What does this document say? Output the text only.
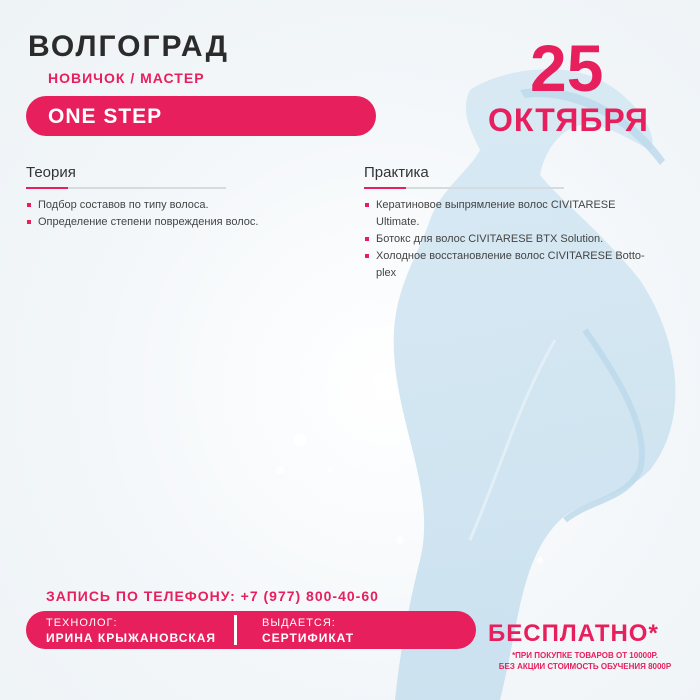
ВОЛГОГРАД
НОВИЧОК / МАСТЕР	25
ОКТЯБРЯ
ONE STEP
Теория
Подбор составов по типу волоса.
Определение степени повреждения волос.
Практика
Кератиновое выпрямление волос CIVITARESE Ultimate.
Ботокс для волос CIVITARESE BTX Solution.
Холодное восстановление волос CIVITARESE Botto-plex
ЗАПИСЬ ПО ТЕЛЕФОНУ: +7 (977) 800-40-60
ТЕХНОЛОГ:
ИРИНА КРЫЖАНОВСКАЯ
ВЫДАЕТСЯ:
СЕРТИФИКАТ	БЕСПЛАТНО*
*ПРИ ПОКУПКЕ ТОВАРОВ ОТ 10000Р.
БЕЗ АКЦИИ СТОИМОСТЬ ОБУЧЕНИЯ 8000Р
